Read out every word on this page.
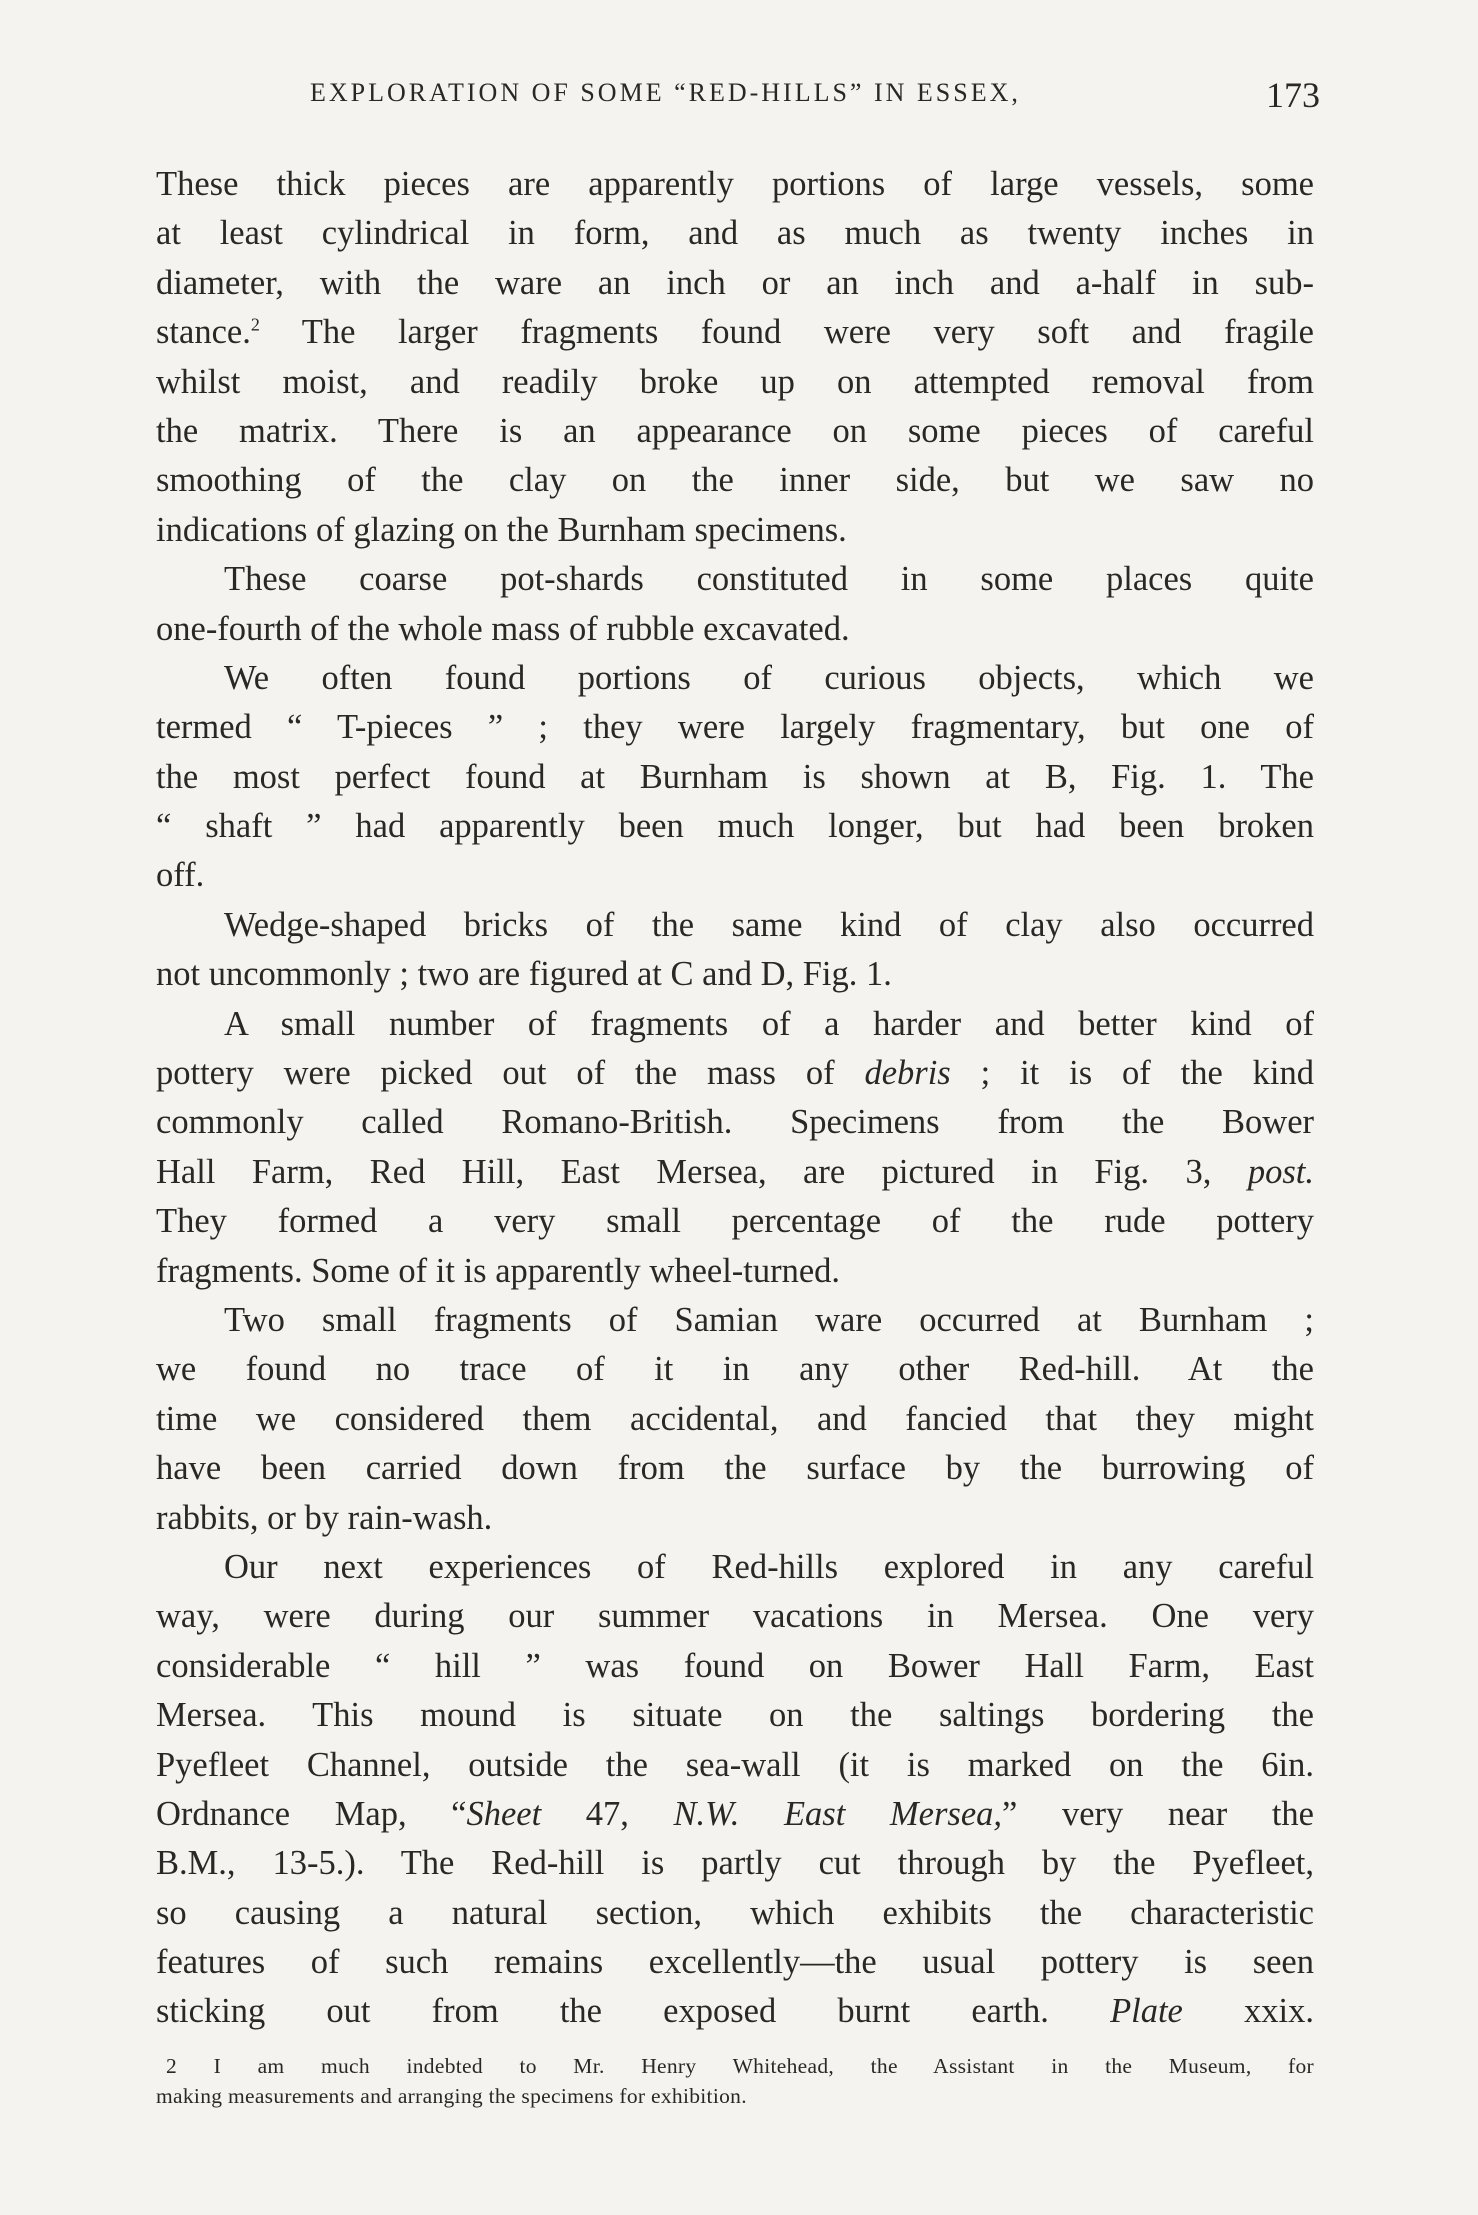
EXPLORATION OF SOME “RED-HILLS” IN ESSEX,	173
These thick pieces are apparently portions of large vessels, some
at least cylindrical in form, and as much as twenty inches in
diameter, with the ware an inch or an inch and a-half in sub-
stance.$^2$ The larger fragments found were very soft and fragile
whilst moist, and readily broke up on attempted removal from
the matrix. There is an appearance on some pieces of careful
smoothing of the clay on the inner side, but we saw no
indications of glazing on the Burnham specimens.
These coarse pot-shards constituted in some places quite
one-fourth of the whole mass of rubble excavated.
We often found portions of curious objects, which we
termed “ T-pieces ” ; they were largely fragmentary, but one of
the most perfect found at Burnham is shown at B, Fig. 1. The
“ shaft ” had apparently been much longer, but had been broken
off.
Wedge-shaped bricks of the same kind of clay also occurred
not uncommonly ; two are figured at C and D, Fig. 1.
A small number of fragments of a harder and better kind of
pottery were picked out of the mass of debris ; it is of the kind
commonly called Romano-British. Specimens from the Bower
Hall Farm, Red Hill, East Mersea, are pictured in Fig. 3, post.
They formed a very small percentage of the rude pottery
fragments. Some of it is apparently wheel-turned.
Two small fragments of Samian ware occurred at Burnham ;
we found no trace of it in any other Red-hill. At the
time we considered them accidental, and fancied that they might
have been carried down from the surface by the burrowing of
rabbits, or by rain-wash.
Our next experiences of Red-hills explored in any careful
way, were during our summer vacations in Mersea. One very
considerable “ hill ” was found on Bower Hall Farm, East
Mersea. This mound is situate on the saltings bordering the
Pyefleet Channel, outside the sea-wall (it is marked on the 6in.
Ordnance Map, “Sheet 47, N.W. East Mersea,” very near the
B.M., 13-5.). The Red-hill is partly cut through by the Pyefleet,
so causing a natural section, which exhibits the characteristic
features of such remains excellently—the usual pottery is seen
sticking out from the exposed burnt earth. Plate xxix.
2 I am much indebted to Mr. Henry Whitehead, the Assistant in the Museum, for
making measurements and arranging the specimens for exhibition.
